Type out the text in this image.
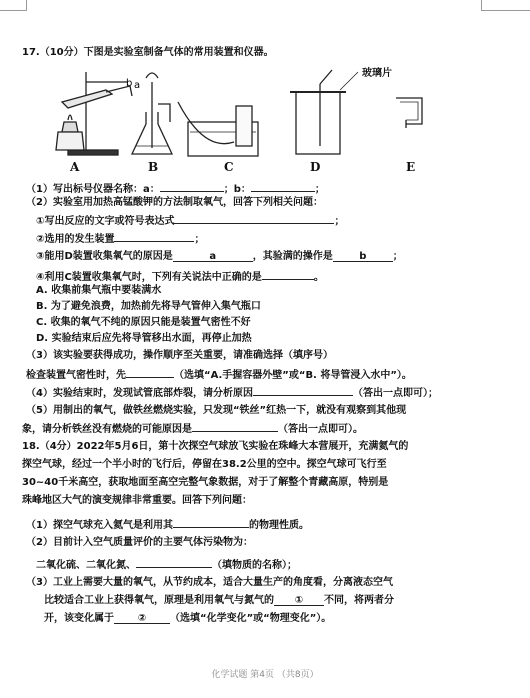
17.（10分）下图是实验室制备气体的常用装置和仪器。
a
b
玻璃片
A	B	C	D	E
（1）写出标号仪器名称：a：	；b：	；
（2）实验室用加热高锰酸钾的方法制取氧气，回答下列相关问题：
①写出反应的文字或符号表达式	；
②选用的发生装置	；
③能用D装置收集氧气的原因是	a	，其验满的操作是	b	；
④利用C装置收集氧气时，下列有关说法中正确的是	。
A. 收集前集气瓶中要装满水
B. 为了避免浪费，加热前先将导气管伸入集气瓶口
C. 收集的氧气不纯的原因只能是装置气密性不好
D. 实验结束后应先将导管移出水面，再停止加热
（3）该实验要获得成功，操作顺序至关重要，请准确选择（填序号）
检查装置气密性时，先	（选填“A.手握容器外壁”或“B. 将导管浸入水中”）。
（4）实验结束时，发现试管底部炸裂，请分析原因	（答出一点即可）；
（5）用制出的氧气，做铁丝燃烧实验，只发现“铁丝”红热一下，就没有观察到其他现
象，请分析铁丝没有燃烧的可能原因是	（答出一点即可）。
18.（4分）2022年5月6日，第十次探空气球放飞实验在珠峰大本营展开，充满氦气的
探空气球，经过一个半小时的飞行后，停留在38.2公里的空中。探空气球可飞行至
30~40千米高空，获取地面至高空完整气象数据，对于了解整个青藏高原，特别是
珠峰地区大气的演变规律非常重要。回答下列问题：
（1）探空气球充入氦气是利用其	的物理性质。
（2）目前计入空气质量评价的主要气体污染物为：
二氧化硫、二氧化氮、	（填物质的名称）；
（3）工业上需要大量的氧气，从节约成本，适合大量生产的角度看，分离液态空气
比较适合工业上获得氧气，原理是利用氧气与氮气的 ① 不同，将两者分
开，该变化属于 ② （选填“化学变化”或“物理变化”）。
化学试题 第4页 （共8页）
